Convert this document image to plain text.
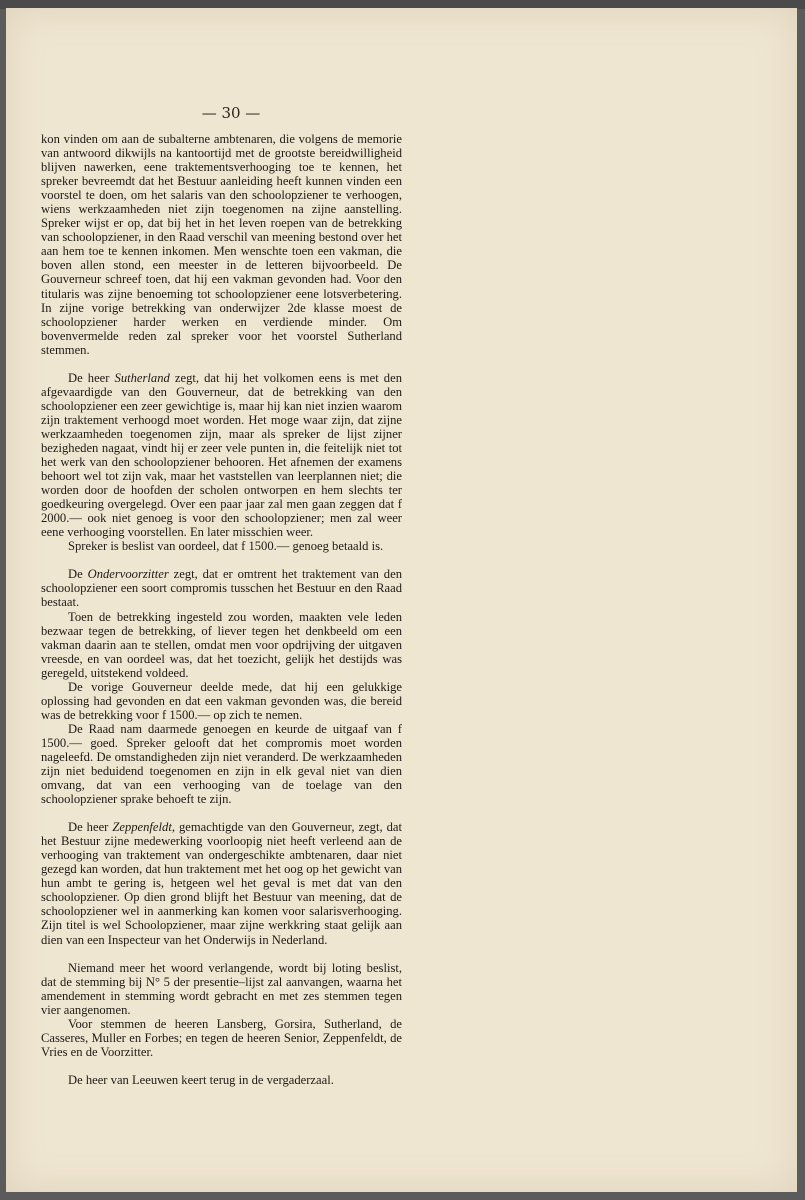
— 30 —

kon vinden om aan de subalterne ambtenaren, die volgens de memorie van antwoord dikwijls na kantoortijd met de grootste bereidwilligheid blijven nawerken, eene traktementsverhooging toe te kennen, het spreker bevreemdt dat het Bestuur aanleiding heeft kunnen vinden een voorstel te doen, om het salaris van den schoolopziener te verhoogen, wiens werkzaamheden niet zijn toegenomen na zijne aanstelling. Spreker wijst er op, dat bij het in het leven roepen van de betrekking van schoolopziener, in den Raad verschil van meening bestond over het aan hem toe te kennen inkomen. Men wenschte toen een vakman, die boven allen stond, een meester in de letteren bijvoorbeeld. De Gouverneur schreef toen, dat hij een vakman gevonden had. Voor den titularis was zijne benoeming tot schoolopziener eene lotsverbetering. In zijne vorige betrekking van onderwijzer 2de klasse moest de schoolopziener harder werken en verdiende minder. Om bovenvermelde reden zal spreker voor het voorstel Sutherland stemmen.

De heer Sutherland zegt, dat hij het volkomen eens is met den afgevaardigde van den Gouverneur, dat de betrekking van den schoolopziener een zeer gewichtige is, maar hij kan niet inzien waarom zijn traktement verhoogd moet worden. Het moge waar zijn, dat zijne werkzaamheden toegenomen zijn, maar als spreker de lijst zijner bezigheden nagaat, vindt hij er zeer vele punten in, die feitelijk niet tot het werk van den schoolopziener behooren. Het afnemen der examens behoort wel tot zijn vak, maar het vaststellen van leerplannen niet; die worden door de hoofden der scholen ontworpen en hem slechts ter goedkeuring overgelegd. Over een paar jaar zal men gaan zeggen dat f 2000.— ook niet genoeg is voor den schoolopziener; men zal weer eene verhooging voorstellen. En later misschien weer.

Spreker is beslist van oordeel, dat f 1500.— genoeg betaald is.

De Ondervoorzitter zegt, dat er omtrent het traktement van den schoolopziener een soort compromis tusschen het Bestuur en den Raad bestaat.

Toen de betrekking ingesteld zou worden, maakten vele leden bezwaar tegen de betrekking, of liever tegen het denkbeeld om een vakman daarin aan te stellen, omdat men voor opdrijving der uitgaven vreesde, en van oordeel was, dat het toezicht, gelijk het destijds was geregeld, uitstekend voldeed.

De vorige Gouverneur deelde mede, dat hij een gelukkige oplossing had gevonden en dat een vakman gevonden was, die bereid was de betrekking voor f 1500.— op zich te nemen.

De Raad nam daarmede genoegen en keurde de uitgaaf van f 1500.— goed. Spreker gelooft dat het compromis moet worden nageleefd. De omstandigheden zijn niet veranderd. De werkzaamheden zijn niet beduidend toegenomen en zijn in elk geval niet van dien omvang, dat van een verhooging van de toelage van den schoolopziener sprake behoeft te zijn.

De heer Zeppenfeldt, gemachtigde van den Gouverneur, zegt, dat het Bestuur zijne medewerking voorloopig niet heeft verleend aan de verhooging van traktement van ondergeschikte ambtenaren, daar niet gezegd kan worden, dat hun traktement met het oog op het gewicht van hun ambt te gering is, hetgeen wel het geval is met dat van den schoolopziener. Op dien grond blijft het Bestuur van meening, dat de schoolopziener wel in aanmerking kan komen voor salarisverhooging. Zijn titel is wel Schoolopziener, maar zijne werkkring staat gelijk aan dien van een Inspecteur van het Onderwijs in Nederland.

Niemand meer het woord verlangende, wordt bij loting beslist, dat de stemming bij N° 5 der presentie–lijst zal aanvangen, waarna het amendement in stemming wordt gebracht en met zes stemmen tegen vier aangenomen.

Voor stemmen de heeren Lansberg, Gorsira, Sutherland, de Casseres, Muller en Forbes; en tegen de heeren Senior, Zeppenfeldt, de Vries en de Voorzitter.

De heer van Leeuwen keert terug in de vergaderzaal.
